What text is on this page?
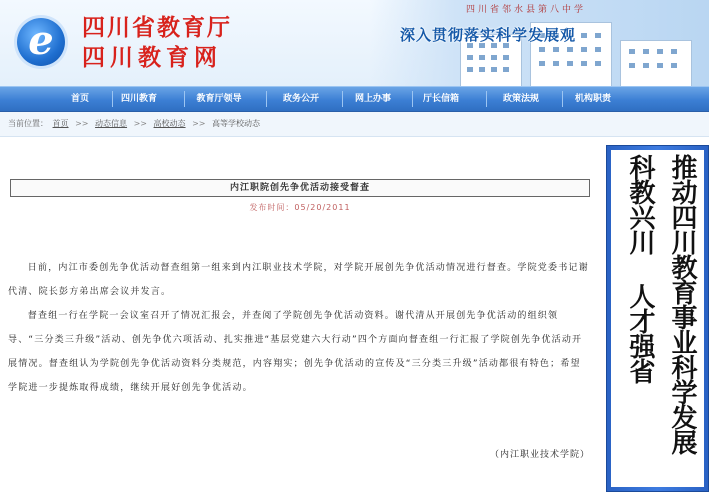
e	四川省教育厅
四川教育网
四川省邻水县第八中学
深入贯彻落实科学发展观
首页	四川教育	教育厅领导	政务公开	网上办事	厅长信箱	政策法规	机构职责
当前位置： 首页 >> 动态信息 >> 高校动态 >> 高等学校动态
内江职院创先争优活动接受督查
发布时间：05/20/2011

日前，内江市委创先争优活动督查组第一组来到内江职业技术学院，对学院开展创先争优活动情况进行督查。学院党委书记谢代清、院长彭方弟出席会议并发言。

督查组一行在学院一会议室召开了情况汇报会，并查阅了学院创先争优活动资料。谢代清从开展创先争优活动的组织领导、“三分类三升级”活动、创先争优六项活动、扎实推进“基层党建六大行动”四个方面向督查组一行汇报了学院创先争优活动开展情况。督查组认为学院创先争优活动资料分类规范，内容翔实；创先争优活动的宣传及“三分类三升级”活动都很有特色；希望学院进一步提炼取得成绩，继续开展好创先争优活动。

（内江职业技术学院）
推动四川教育事业科学发展
科教兴川 人才强省
